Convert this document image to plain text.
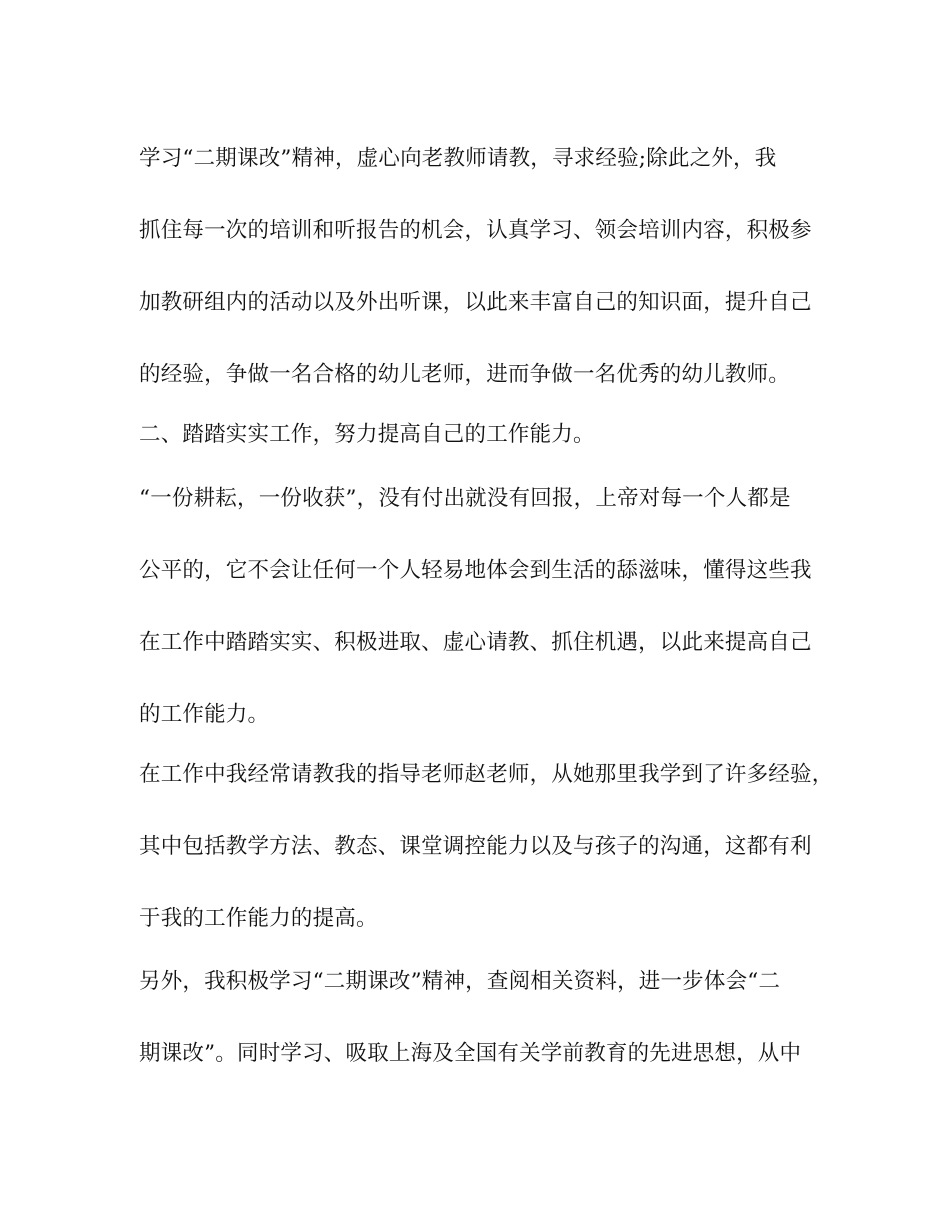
学习“二期课改”精神，虚心向老教师请教，寻求经验;除此之外，我
抓住每一次的培训和听报告的机会，认真学习、领会培训内容，积极参
加教研组内的活动以及外出听课，以此来丰富自己的知识面，提升自己
的经验，争做一名合格的幼儿老师，进而争做一名优秀的幼儿教师。
二、踏踏实实工作，努力提高自己的工作能力。
“一份耕耘，一份收获”，没有付出就没有回报，上帝对每一个人都是
公平的，它不会让任何一个人轻易地体会到生活的舔滋味，懂得这些我
在工作中踏踏实实、积极进取、虚心请教、抓住机遇，以此来提高自己
的工作能力。
在工作中我经常请教我的指导老师赵老师，从她那里我学到了许多经验，
其中包括教学方法、教态、课堂调控能力以及与孩子的沟通，这都有利
于我的工作能力的提高。
另外，我积极学习“二期课改”精神，查阅相关资料，进一步体会“二
期课改”。同时学习、吸取上海及全国有关学前教育的先进思想，从中
